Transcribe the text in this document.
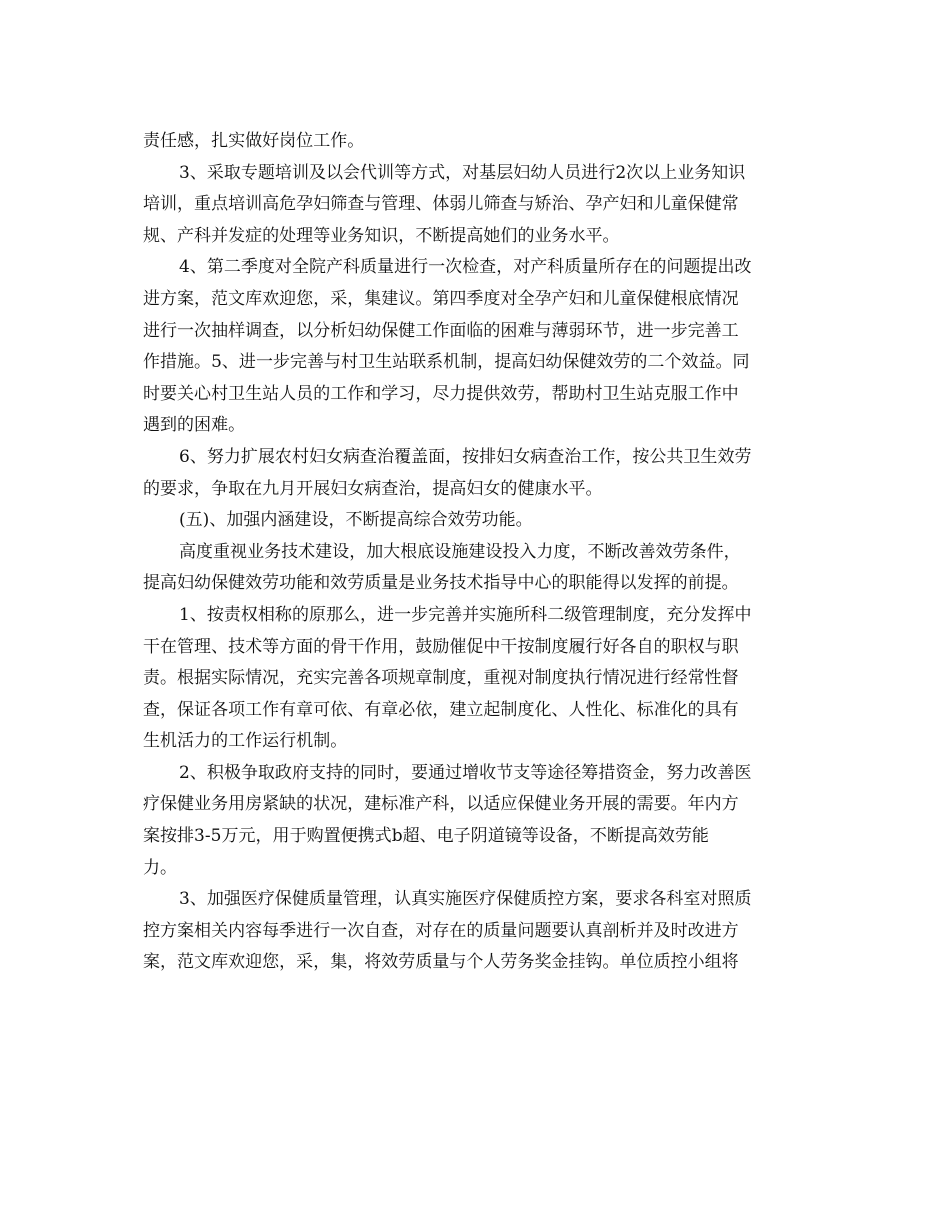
责任感，扎实做好岗位工作。
3、采取专题培训及以会代训等方式，对基层妇幼人员进行2次以上业务知识
培训，重点培训高危孕妇筛查与管理、体弱儿筛查与矫治、孕产妇和儿童保健常
规、产科并发症的处理等业务知识，不断提高她们的业务水平。
4、第二季度对全院产科质量进行一次检查，对产科质量所存在的问题提出改
进方案，范文库欢迎您，采，集建议。第四季度对全孕产妇和儿童保健根底情况
进行一次抽样调查，以分析妇幼保健工作面临的困难与薄弱环节，进一步完善工
作措施。5、进一步完善与村卫生站联系机制，提高妇幼保健效劳的二个效益。同
时要关心村卫生站人员的工作和学习，尽力提供效劳，帮助村卫生站克服工作中
遇到的困难。
6、努力扩展农村妇女病查治覆盖面，按排妇女病查治工作，按公共卫生效劳
的要求，争取在九月开展妇女病查治，提高妇女的健康水平。
(五)、加强内涵建设，不断提高综合效劳功能。
高度重视业务技术建设，加大根底设施建设投入力度，不断改善效劳条件，
提高妇幼保健效劳功能和效劳质量是业务技术指导中心的职能得以发挥的前提。
1、按责权相称的原那么，进一步完善并实施所科二级管理制度，充分发挥中
干在管理、技术等方面的骨干作用，鼓励催促中干按制度履行好各自的职权与职
责。根据实际情况，充实完善各项规章制度，重视对制度执行情况进行经常性督
查，保证各项工作有章可依、有章必依，建立起制度化、人性化、标准化的具有
生机活力的工作运行机制。
2、积极争取政府支持的同时，要通过增收节支等途径筹措资金，努力改善医
疗保健业务用房紧缺的状况，建标准产科，以适应保健业务开展的需要。年内方
案按排3-5万元，用于购置便携式b超、电子阴道镜等设备，不断提高效劳能
力。
3、加强医疗保健质量管理，认真实施医疗保健质控方案，要求各科室对照质
控方案相关内容每季进行一次自查，对存在的质量问题要认真剖析并及时改进方
案，范文库欢迎您，采，集，将效劳质量与个人劳务奖金挂钩。单位质控小组将
